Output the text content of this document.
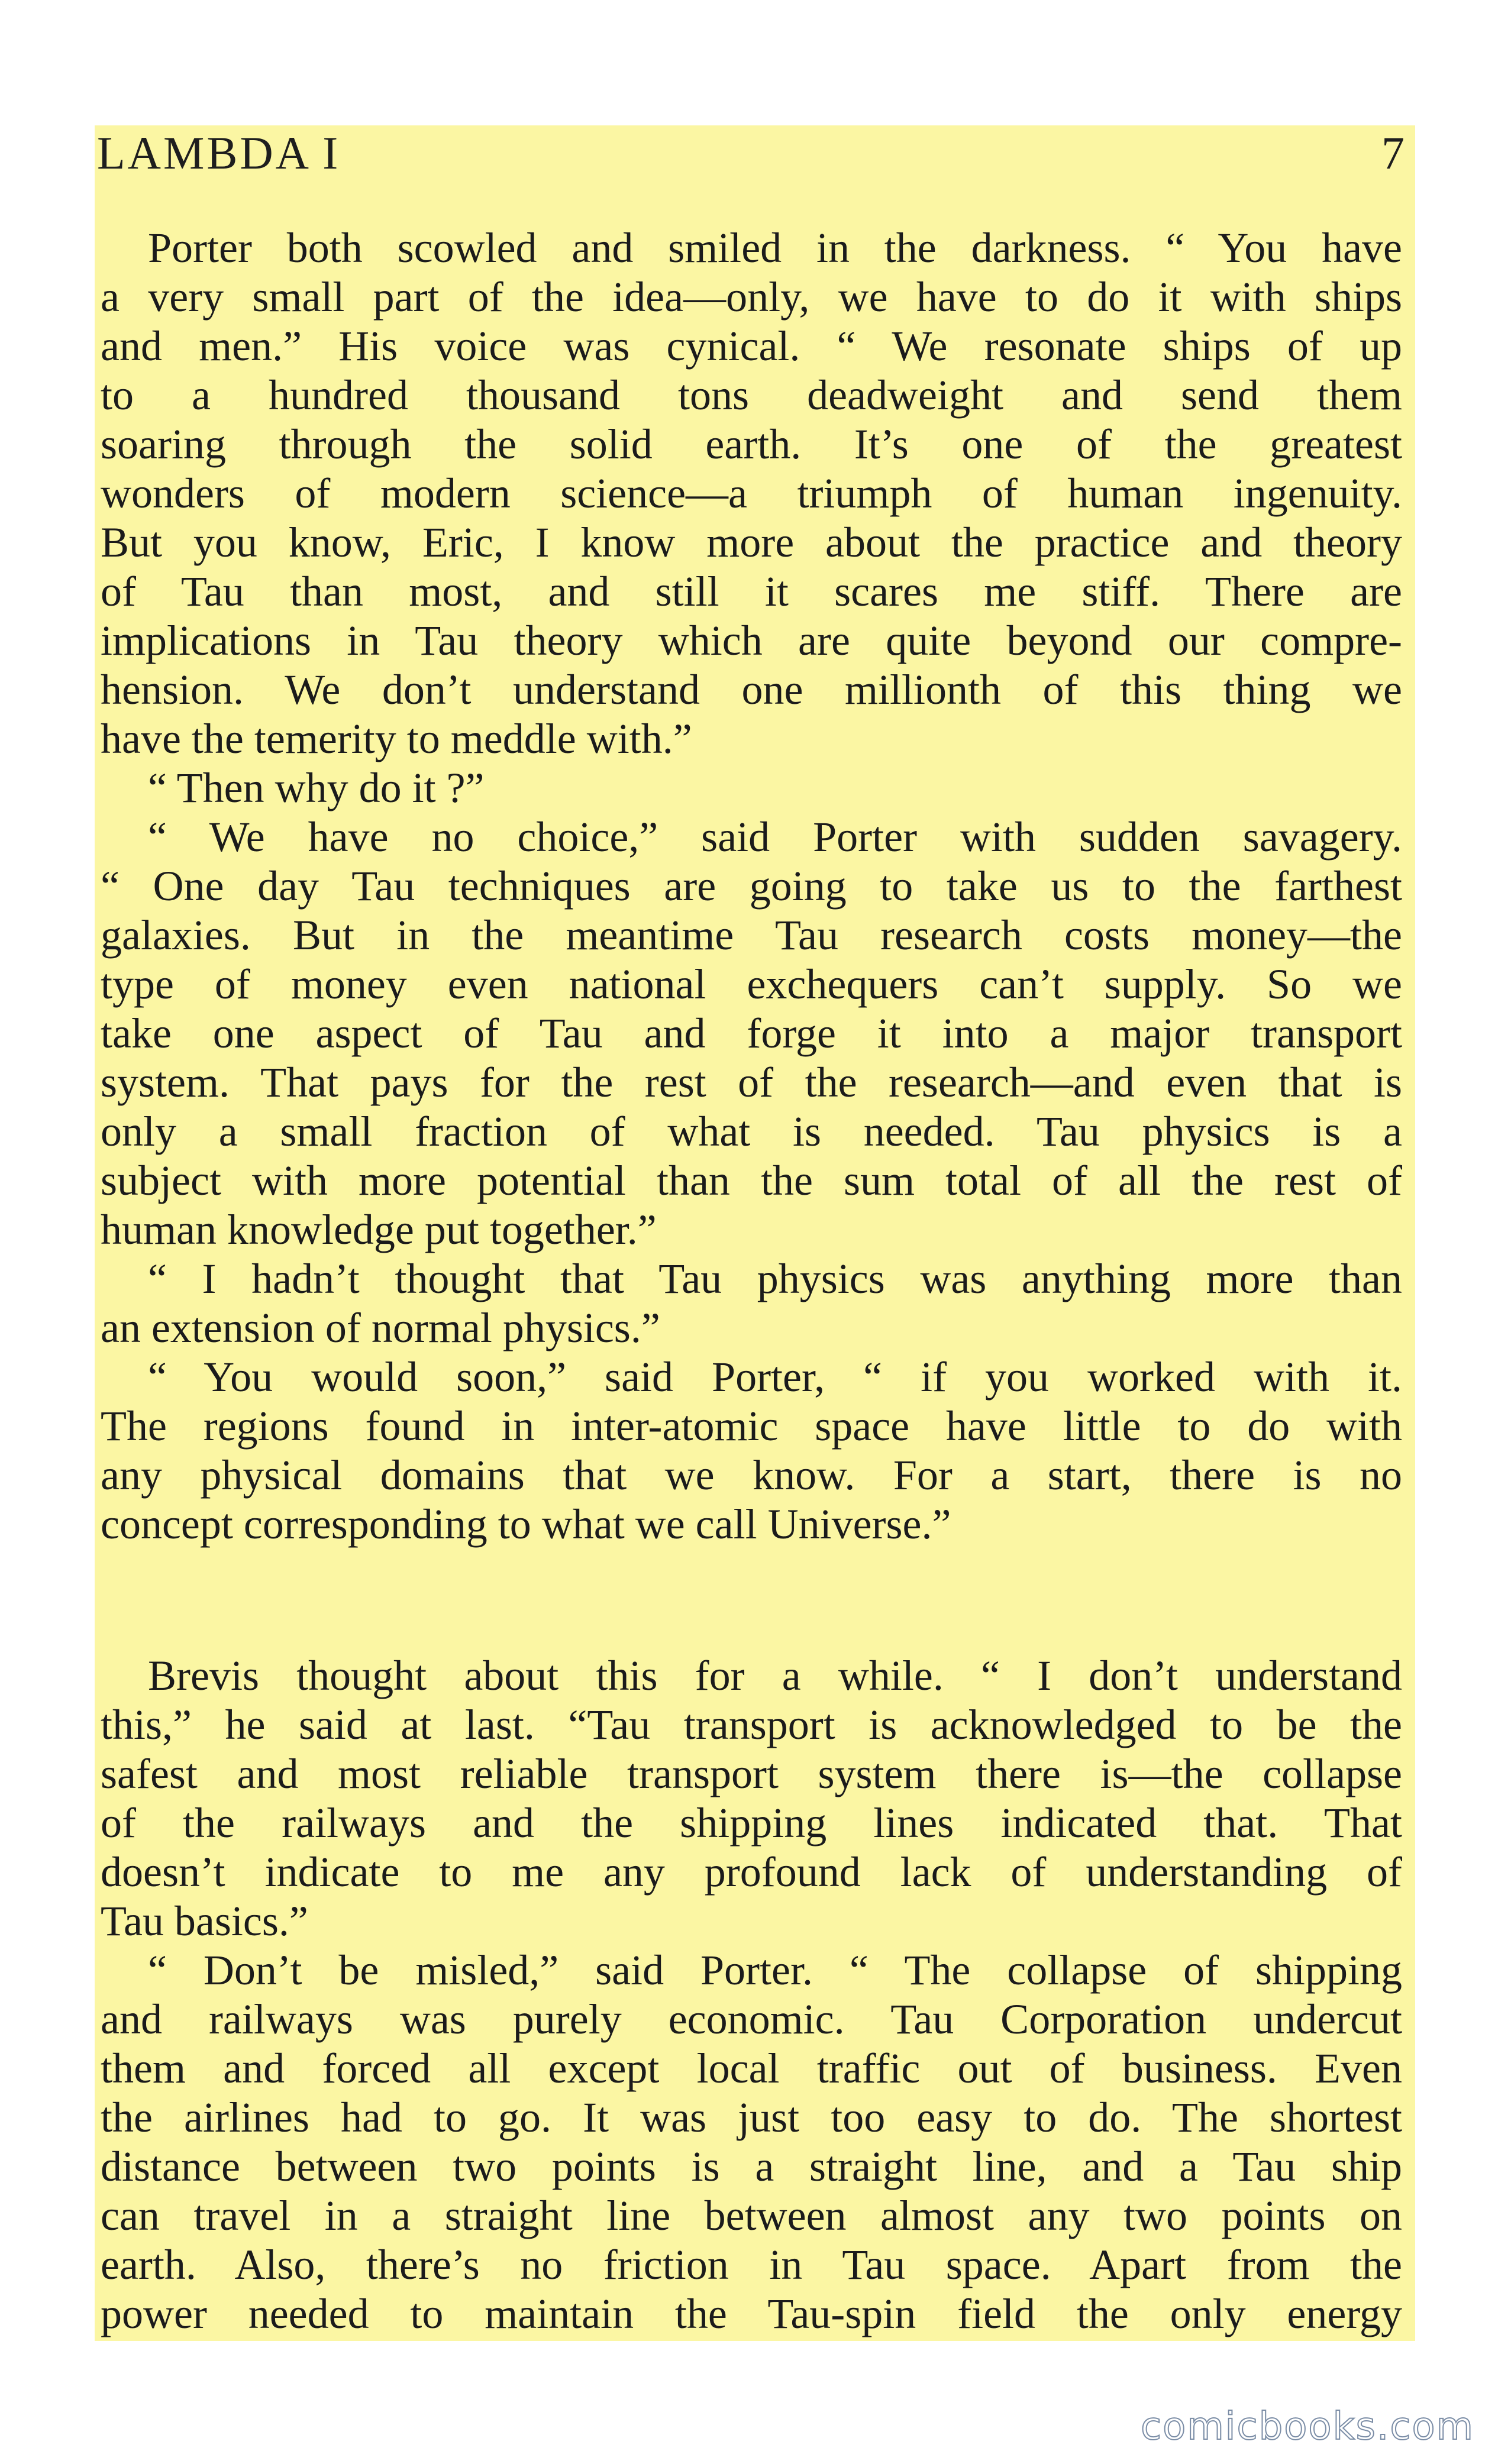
LAMBDA I	7

Porter both scowled and smiled in the darkness. “ You have
a very small part of the idea—only, we have to do it with ships
and men.” His voice was cynical. “ We resonate ships of up
to a hundred thousand tons deadweight and send them
soaring through the solid earth. It’s one of the greatest
wonders of modern science—a triumph of human ingenuity.
But you know, Eric, I know more about the practice and theory
of Tau than most, and still it scares me stiff. There are
implications in Tau theory which are quite beyond our compre-
hension. We don’t understand one millionth of this thing we
have the temerity to meddle with.”

“ Then why do it ?”

“ We have no choice,” said Porter with sudden savagery.
“ One day Tau techniques are going to take us to the farthest
galaxies. But in the meantime Tau research costs money—the
type of money even national exchequers can’t supply. So we
take one aspect of Tau and forge it into a major transport
system. That pays for the rest of the research—and even that is
only a small fraction of what is needed. Tau physics is a
subject with more potential than the sum total of all the rest of
human knowledge put together.”

“ I hadn’t thought that Tau physics was anything more than
an extension of normal physics.”

“ You would soon,” said Porter, “ if you worked with it.
The regions found in inter-atomic space have little to do with
any physical domains that we know. For a start, there is no
concept corresponding to what we call Universe.”

Brevis thought about this for a while. “ I don’t understand
this,” he said at last. “Tau transport is acknowledged to be the
safest and most reliable transport system there is—the collapse
of the railways and the shipping lines indicated that. That
doesn’t indicate to me any profound lack of understanding of
Tau basics.”

“ Don’t be misled,” said Porter. “ The collapse of shipping
and railways was purely economic. Tau Corporation undercut
them and forced all except local traffic out of business. Even
the airlines had to go. It was just too easy to do. The shortest
distance between two points is a straight line, and a Tau ship
can travel in a straight line between almost any two points on
earth. Also, there’s no friction in Tau space. Apart from the
power needed to maintain the Tau-spin field the only energy

comicbooks.com
